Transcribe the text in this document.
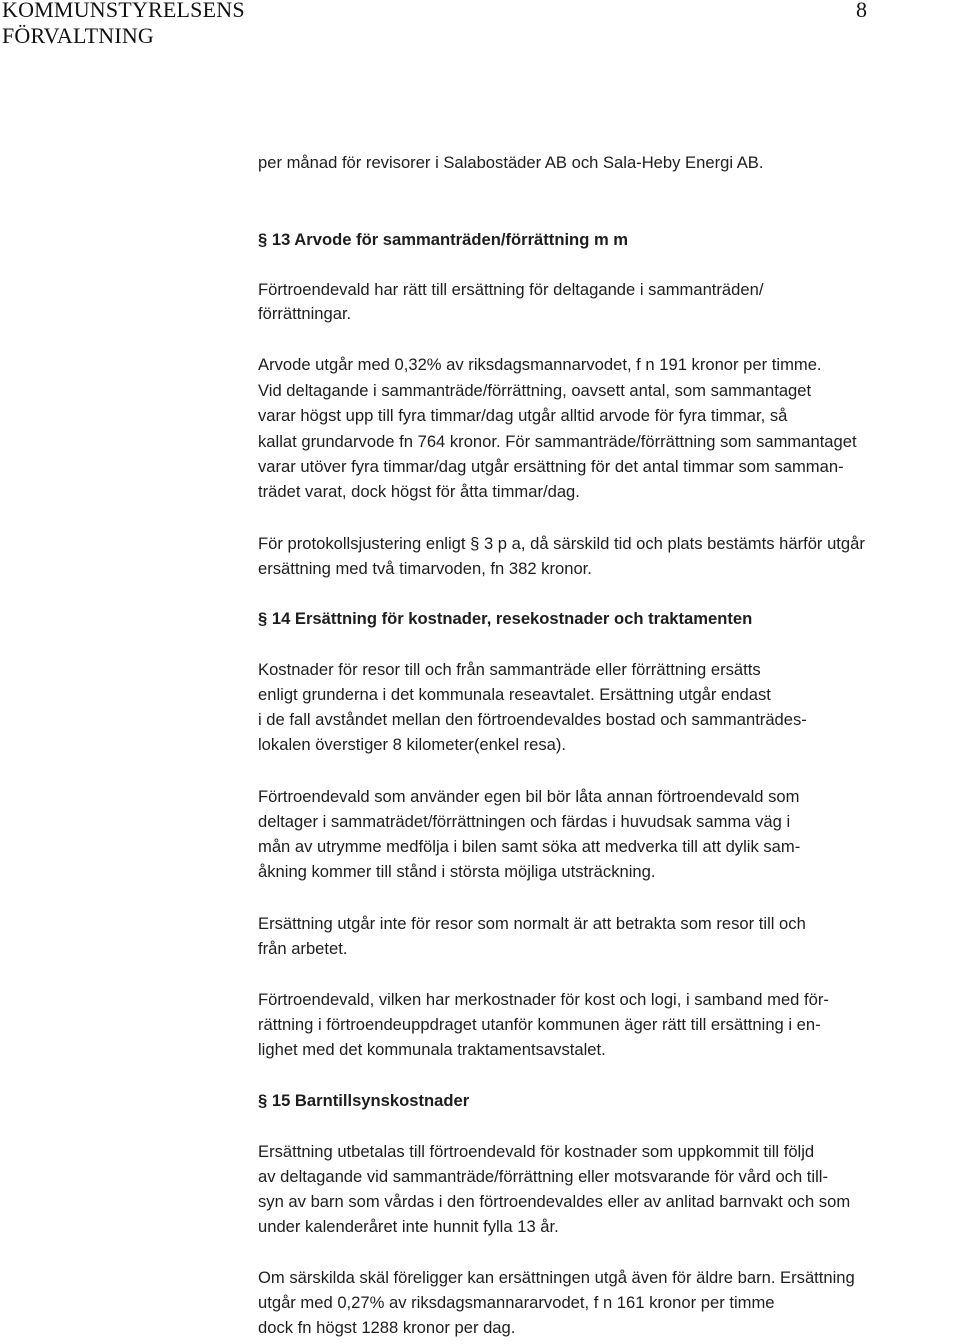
KOMMUNSTYRELSENS
FÖRVALTNING
8
per månad för revisorer i Salabostäder AB och Sala-Heby Energi AB.
§ 13 Arvode för sammanträden/förrättning m m
Förtroendevald har rätt till ersättning för deltagande i sammanträden/
förrättningar.
Arvode utgår med 0,32% av riksdagsmannarvodet, f n 191 kronor per timme.
Vid deltagande i sammanträde/förrättning, oavsett antal, som sammantaget
varar högst upp till fyra timmar/dag utgår alltid arvode för fyra timmar, så
kallat grundarvode fn 764 kronor. För sammanträde/förrättning som sammantaget
varar utöver fyra timmar/dag utgår ersättning för det antal timmar som samman-
trädet varat, dock högst för åtta timmar/dag.
För protokollsjustering enligt § 3 p a, då särskild tid och plats bestämts härför utgår
ersättning med två timarvoden, fn 382 kronor.
§ 14 Ersättning för kostnader, resekostnader och traktamenten
Kostnader för resor till och från sammanträde eller förrättning ersätts
enligt grunderna i det kommunala reseavtalet. Ersättning utgår endast
i de fall avståndet mellan den förtroendevaldes bostad och sammanträdes-
lokalen överstiger 8 kilometer(enkel resa).
Förtroendevald som använder egen bil bör låta annan förtroendevald som
deltager i sammaträdet/förrättningen och färdas i huvudsak samma väg i
mån av utrymme medfölja i bilen samt söka att medverka till att dylik sam-
åkning kommer till stånd i största möjliga utsträckning.
Ersättning utgår inte för resor som normalt är att betrakta som resor till och
från arbetet.
Förtroendevald, vilken har merkostnader för kost och logi, i samband med för-
rättning i förtroendeuppdraget utanför kommunen äger rätt till ersättning i en-
lighet med det kommunala traktamentsavstalet.
§ 15 Barntillsynskostnader
Ersättning utbetalas till förtroendevald för kostnader som uppkommit till följd
av deltagande vid sammanträde/förrättning eller motsvarande för vård och till-
syn av barn som vårdas i den förtroendevaldes eller av anlitad barnvakt och som
under kalenderåret inte hunnit fylla 13 år.
Om särskilda skäl föreligger kan ersättningen utgå även för äldre barn. Ersättning
utgår med 0,27% av riksdagsmannararvodet, f n 161 kronor per timme
dock fn högst 1288 kronor per dag.
